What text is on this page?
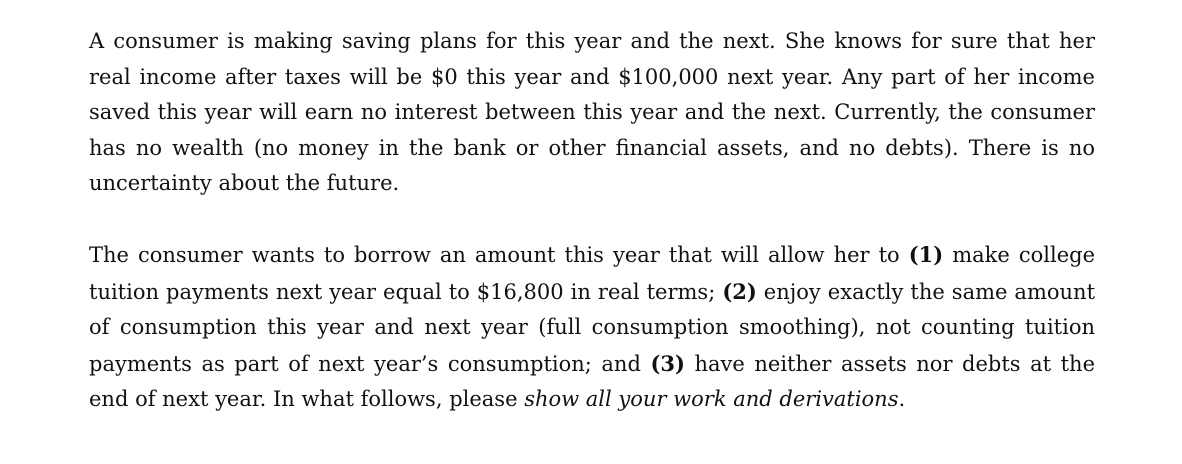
A consumer is making saving plans for this year and the next. She knows for sure that her real income after taxes will be $0 this year and $100,000 next year. Any part of her income saved this year will earn no interest between this year and the next. Currently, the consumer has no wealth (no money in the bank or other financial assets, and no debts). There is no uncertainty about the future.

The consumer wants to borrow an amount this year that will allow her to (1) make college tuition payments next year equal to $16,800 in real terms; (2) enjoy exactly the same amount of consumption this year and next year (full consumption smoothing), not counting tuition payments as part of next year’s consumption; and (3) have neither assets nor debts at the end of next year. In what follows, please show all your work and derivations.
